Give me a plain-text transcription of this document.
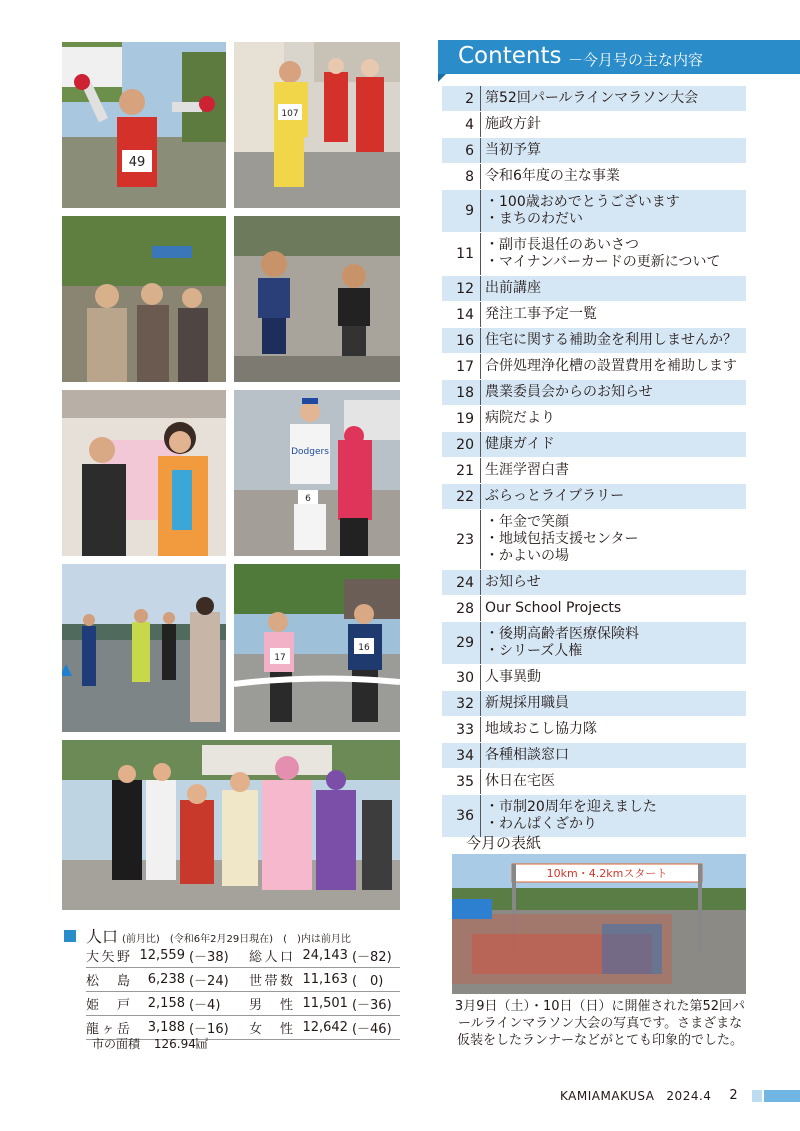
49
107
Dodgers
6
17
16
人口 (前月比) (令和6年2月29日現在) (　)内は前月比
大矢野	12,559	(－38)		総人口	24,143	(－82)
松　島	6,238	(－24)		世帯数	11,163	(　0)
姫　戸	2,158	(－4)		男　性	11,501	(－36)
龍ヶ岳	3,188	(－16)		女　性	12,642	(－46)
市の面積 126.94㎢
Contents －今月号の主な内容
2 第52回パールラインマラソン大会
4 施政方針
6 当初予算
8 令和6年度の主な事業
9
・100歳おめでとうございます
・まちのわだい
11
・副市長退任のあいさつ
・マイナンバーカードの更新について
12 出前講座
14 発注工事予定一覧
16 住宅に関する補助金を利用しませんか？
17 合併処理浄化槽の設置費用を補助します
18 農業委員会からのお知らせ
19 病院だより
20 健康ガイド
21 生涯学習白書
22 ぶらっとライブラリー
23
・年金で笑顔
・地域包括支援センター
・かよいの場
24 お知らせ
28 Our School Projects
29
・後期高齢者医療保険料
・シリーズ人権
30 人事異動
32 新規採用職員
33 地域おこし協力隊
34 各種相談窓口
35 休日在宅医
36
・市制20周年を迎えました
・わんぱくざかり
今月の表紙
10km・4.2kmスタート
3月9日（土）・10日（日）に開催された第52回パールラインマラソン大会の写真です。さまざまな仮装をしたランナーなどがとても印象的でした。
KAMIAMAKUSA 2024.4 2
